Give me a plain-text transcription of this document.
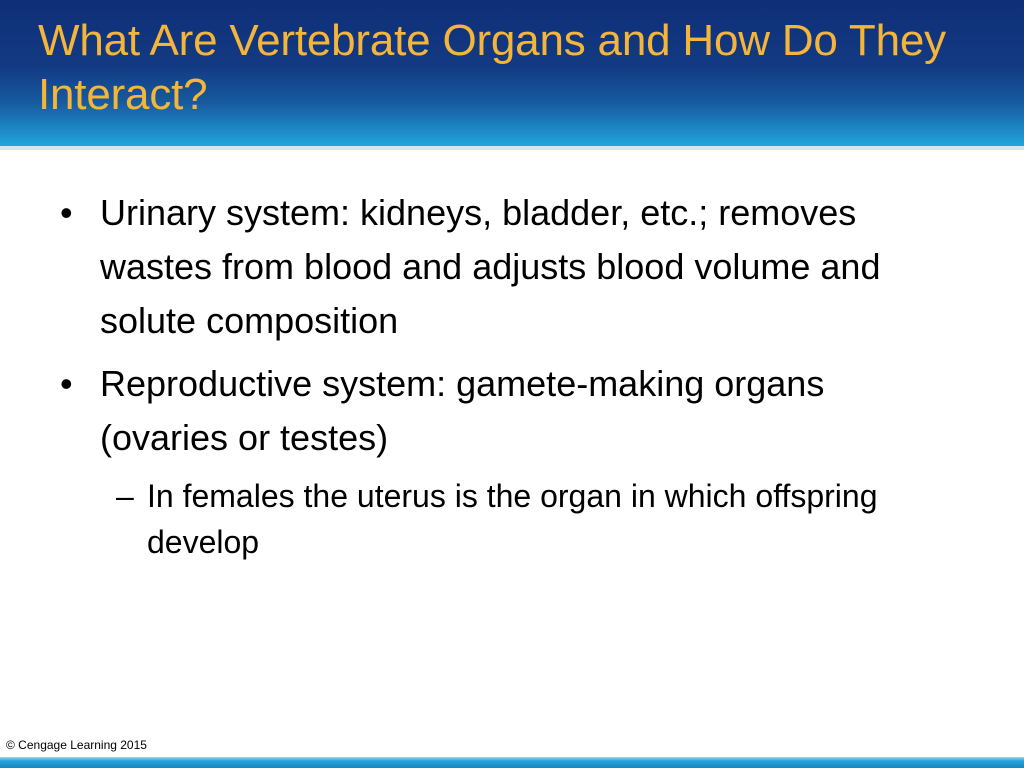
What Are Vertebrate Organs and How Do They Interact?
• Urinary system: kidneys, bladder, etc.; removes wastes from blood and adjusts blood volume and solute composition
• Reproductive system: gamete-making organs (ovaries or testes)
– In females the uterus is the organ in which offspring develop
© Cengage Learning 2015
